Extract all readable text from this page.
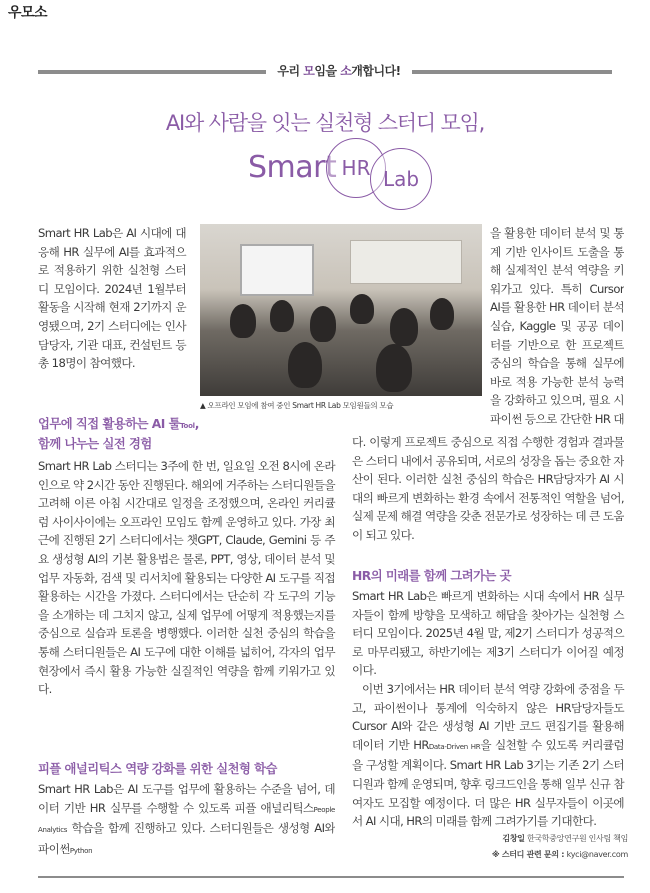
우모소
우리 모임을 소개합니다!
AI와 사람을 잇는 실천형 스터디 모임,
Smart HR Lab
▲ 오프라인 모임에 참여 중인 Smart HR Lab 모임원들의 모습

Smart HR Lab은 AI 시대에 대응해 HR 실무에 AI를 효과적으로 적용하기 위한 실천형 스터디 모임이다. 2024년 1월부터 활동을 시작해 현재 2기까지 운영됐으며, 2기 스터디에는 인사담당자, 기관 대표, 컨설턴트 등 총 18명이 참여했다.

업무에 직접 활용하는 AI 툴Tool,
함께 나누는 실전 경험

Smart HR Lab 스터디는 3주에 한 번, 일요일 오전 8시에 온라인으로 약 2시간 동안 진행된다. 해외에 거주하는 스터디원들을 고려해 이른 아침 시간대로 일정을 조정했으며, 온라인 커리큘럼 사이사이에는 오프라인 모임도 함께 운영하고 있다. 가장 최근에 진행된 2기 스터디에서는 챗GPT, Claude, Gemini 등 주요 생성형 AI의 기본 활용법은 물론, PPT, 영상, 데이터 분석 및 업무 자동화, 검색 및 리서치에 활용되는 다양한 AI 도구를 직접 활용하는 시간을 가졌다. 스터디에서는 단순히 각 도구의 기능을 소개하는 데 그치지 않고, 실제 업무에 어떻게 적용했는지를 중심으로 실습과 토론을 병행했다. 이러한 실천 중심의 학습을 통해 스터디원들은 AI 도구에 대한 이해를 넓히어, 각자의 업무 현장에서 즉시 활용 가능한 실질적인 역량을 함께 키워가고 있다.

피플 애널리틱스 역량 강화를 위한 실천형 학습

Smart HR Lab은 AI 도구를 업무에 활용하는 수준을 넘어, 데이터 기반 HR 실무를 수행할 수 있도록 피플 애널리틱스People Analytics 학습을 함께 진행하고 있다. 스터디원들은 생성형 AI와 파이썬Python

을 활용한 데이터 분석 및 통계 기반 인사이트 도출을 통해 실제적인 분석 역량을 키워가고 있다. 특히 Cursor AI를 활용한 HR 데이터 분석 실습, Kaggle 및 공공 데이터를 기반으로 한 프로젝트 중심의 학습을 통해 실무에 바로 적용 가능한 분석 능력을 강화하고 있으며, 필요 시 파이썬 등으로 간단한 HR 대

다. 이렇게 프로젝트 중심으로 직접 수행한 경험과 결과물은 스터디 내에서 공유되며, 서로의 성장을 돕는 중요한 자산이 된다. 이러한 실천 중심의 학습은 HR담당자가 AI 시대의 빠르게 변화하는 환경 속에서 전통적인 역할을 넘어, 실제 문제 해결 역량을 갖춘 전문가로 성장하는 데 큰 도움이 되고 있다.

HR의 미래를 함께 그려가는 곳

Smart HR Lab은 빠르게 변화하는 시대 속에서 HR 실무자들이 함께 방향을 모색하고 해답을 찾아가는 실천형 스터디 모임이다. 2025년 4월 말, 제2기 스터디가 성공적으로 마무리됐고, 하반기에는 제3기 스터디가 이어질 예정이다.

이번 3기에서는 HR 데이터 분석 역량 강화에 중점을 두고, 파이썬이나 통계에 익숙하지 않은 HR담당자들도 Cursor AI와 같은 생성형 AI 기반 코드 편집기를 활용해 데이터 기반 HRData-Driven HR을 실천할 수 있도록 커리큘럼을 구성할 계획이다. Smart HR Lab 3기는 기존 2기 스터디원과 함께 운영되며, 향후 링크드인을 통해 일부 신규 참여자도 모집할 예정이다. 더 많은 HR 실무자들이 이곳에서 AI 시대, HR의 미래를 함께 그려가기를 기대한다.

김창일 한국학중앙연구원 인사팀 책임
※ 스터디 관련 문의 : kyci@naver.com
